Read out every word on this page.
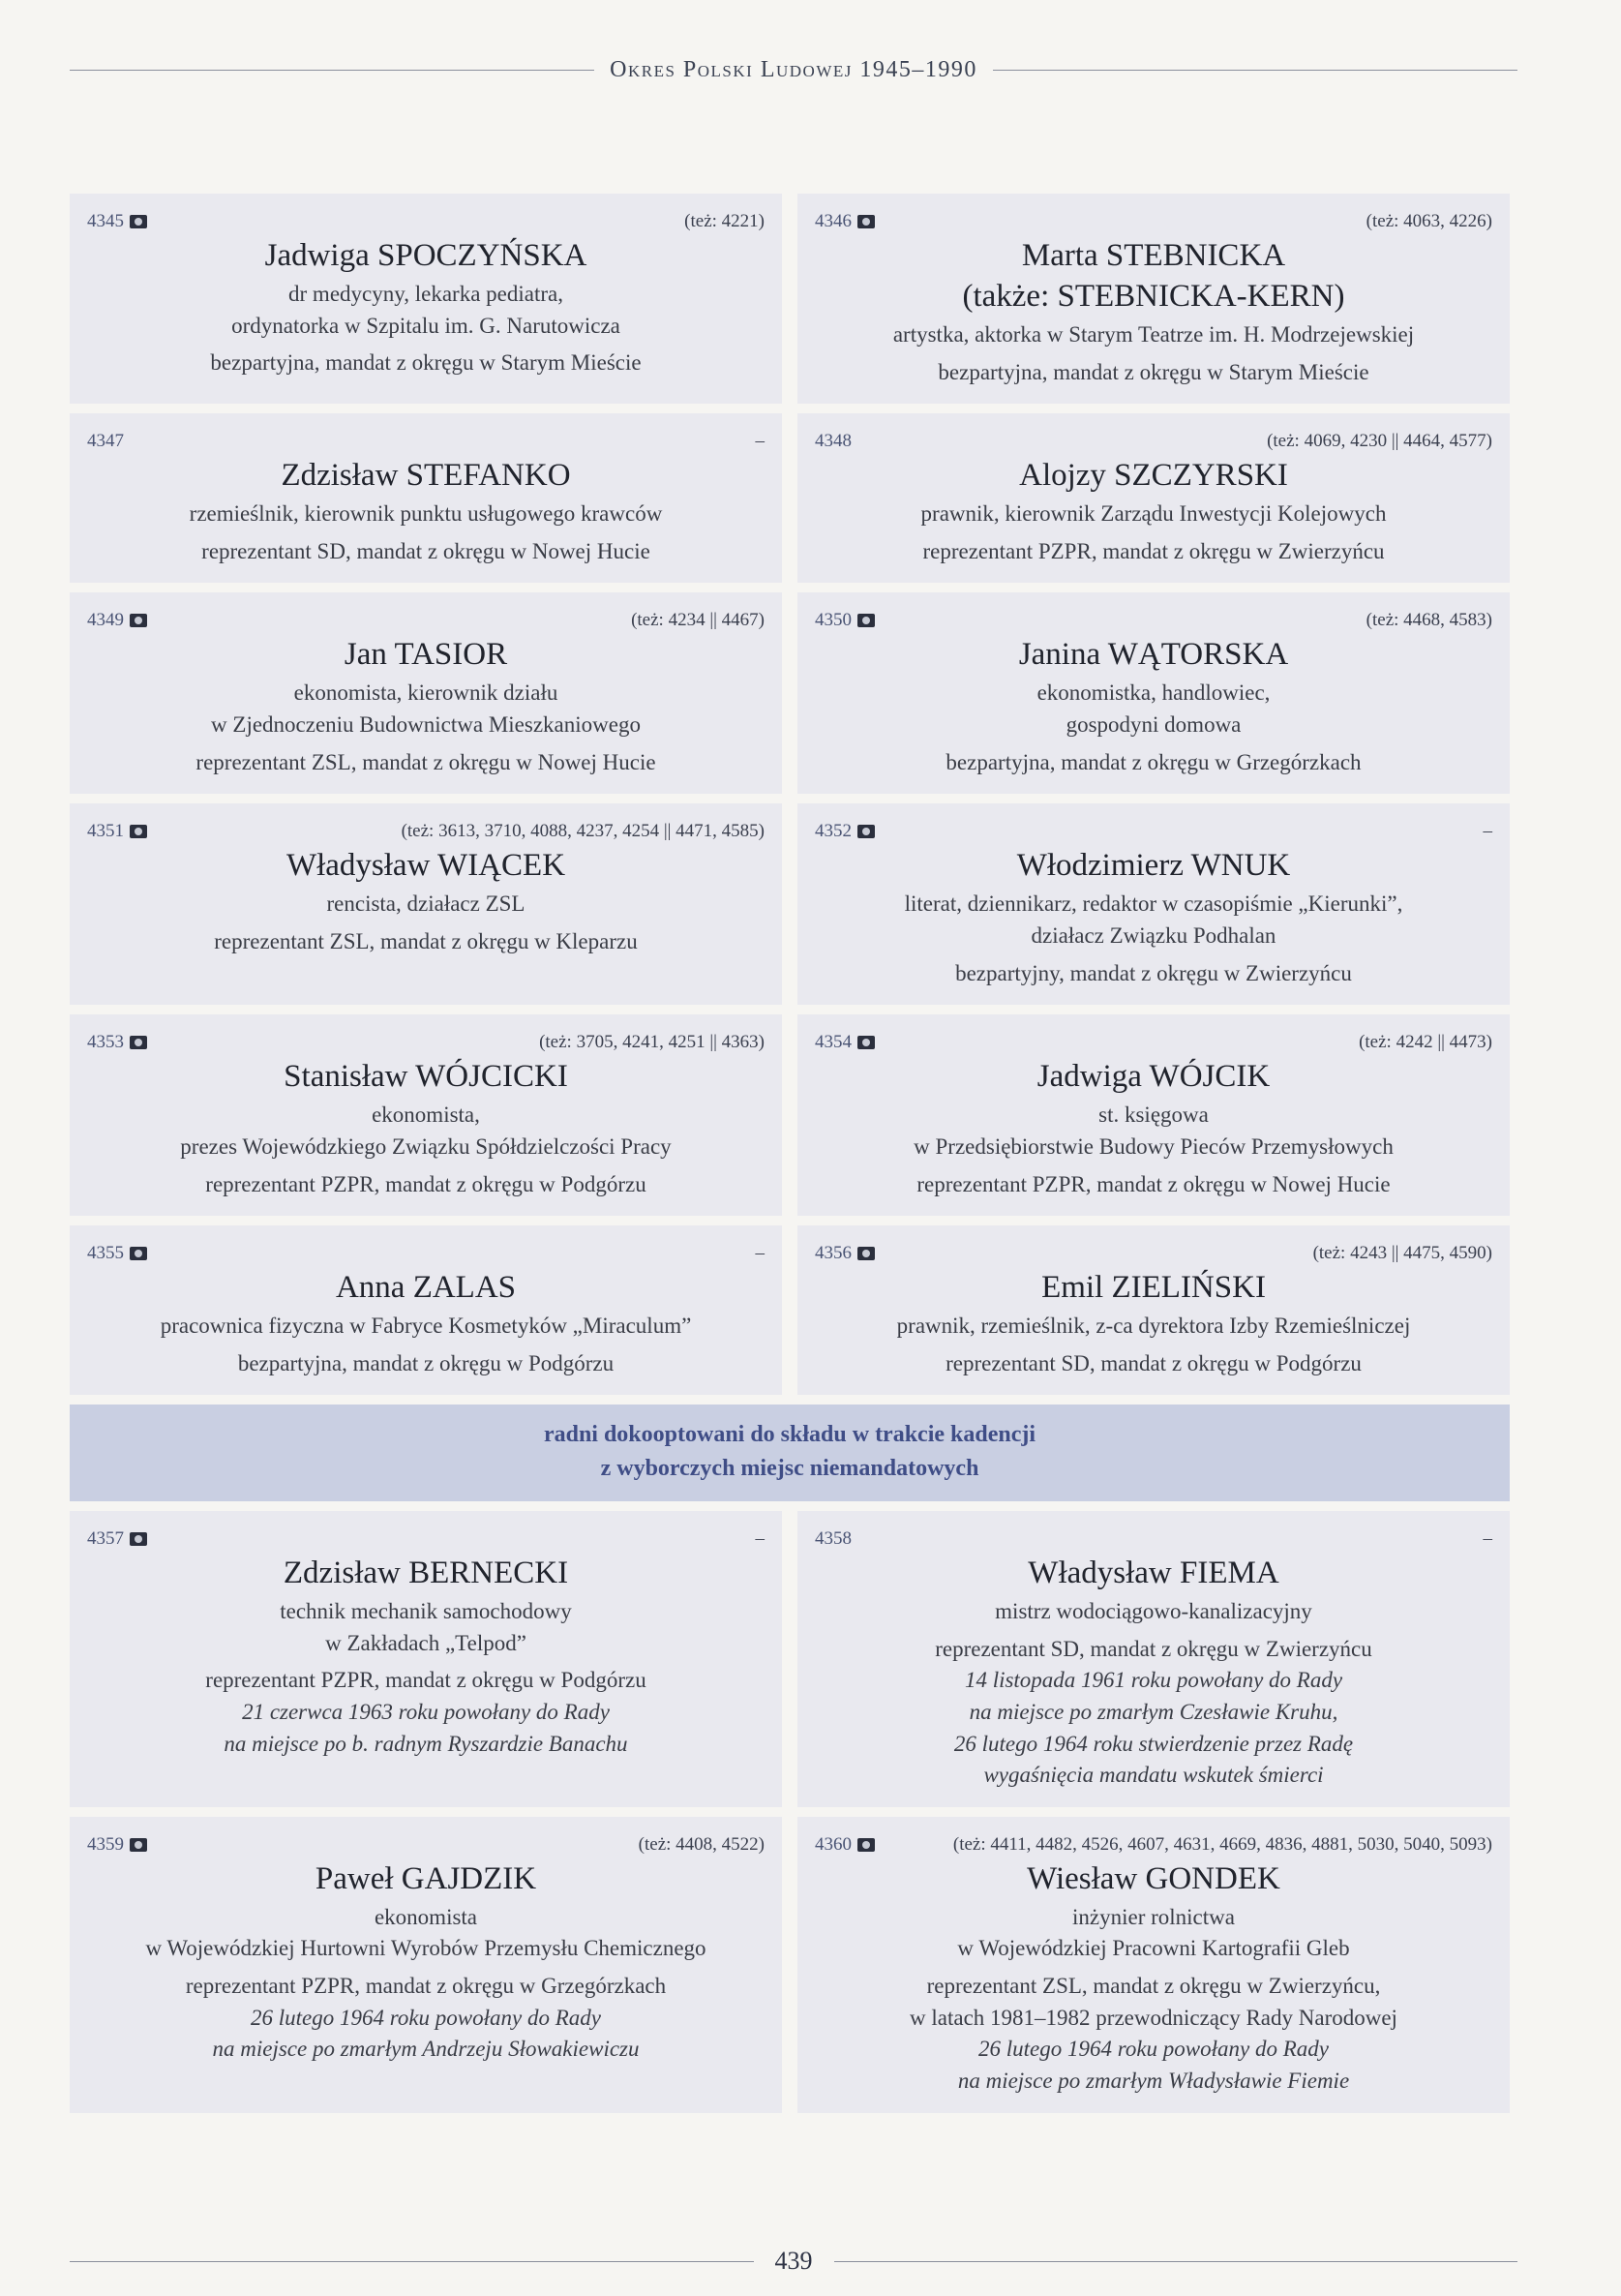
Okres Polski Ludowej 1945–1990
4345	(też: 4221)
Jadwiga SPOCZYŃSKA
dr medycyny, lekarka pediatra,
ordynatorka w Szpitalu im. G. Narutowicza
bezpartyjna, mandat z okręgu w Starym Mieście
4346	(też: 4063, 4226)
Marta STEBNICKA
(także: STEBNICKA-KERN)
artystka, aktorka w Starym Teatrze im. H. Modrzejewskiej
bezpartyjna, mandat z okręgu w Starym Mieście
4347	–
Zdzisław STEFANKO
rzemieślnik, kierownik punktu usługowego krawców
reprezentant SD, mandat z okręgu w Nowej Hucie
4348	(też: 4069, 4230 || 4464, 4577)
Alojzy SZCZYRSKI
prawnik, kierownik Zarządu Inwestycji Kolejowych
reprezentant PZPR, mandat z okręgu w Zwierzyńcu
4349	(też: 4234 || 4467)
Jan TASIOR
ekonomista, kierownik działu
w Zjednoczeniu Budownictwa Mieszkaniowego
reprezentant ZSL, mandat z okręgu w Nowej Hucie
4350	(też: 4468, 4583)
Janina WĄTORSKA
ekonomistka, handlowiec,
gospodyni domowa
bezpartyjna, mandat z okręgu w Grzegórzkach
4351	(też: 3613, 3710, 4088, 4237, 4254 || 4471, 4585)
Władysław WIĄCEK
rencista, działacz ZSL
reprezentant ZSL, mandat z okręgu w Kleparzu
4352	–
Włodzimierz WNUK
literat, dziennikarz, redaktor w czasopiśmie „Kierunki”,
działacz Związku Podhalan
bezpartyjny, mandat z okręgu w Zwierzyńcu
4353	(też: 3705, 4241, 4251 || 4363)
Stanisław WÓJCICKI
ekonomista,
prezes Wojewódzkiego Związku Spółdzielczości Pracy
reprezentant PZPR, mandat z okręgu w Podgórzu
4354	(też: 4242 || 4473)
Jadwiga WÓJCIK
st. księgowa
w Przedsiębiorstwie Budowy Pieców Przemysłowych
reprezentant PZPR, mandat z okręgu w Nowej Hucie
4355	–
Anna ZALAS
pracownica fizyczna w Fabryce Kosmetyków „Miraculum”
bezpartyjna, mandat z okręgu w Podgórzu
4356	(też: 4243 || 4475, 4590)
Emil ZIELIŃSKI
prawnik, rzemieślnik, z-ca dyrektora Izby Rzemieślniczej
reprezentant SD, mandat z okręgu w Podgórzu
radni dokooptowani do składu w trakcie kadencji
z wyborczych miejsc niemandatowych
4357	–
Zdzisław BERNECKI
technik mechanik samochodowy
w Zakładach „Telpod”
reprezentant PZPR, mandat z okręgu w Podgórzu
21 czerwca 1963 roku powołany do Rady
na miejsce po b. radnym Ryszardzie Banachu
4358	–
Władysław FIEMA
mistrz wodociągowo-kanalizacyjny
reprezentant SD, mandat z okręgu w Zwierzyńcu
14 listopada 1961 roku powołany do Rady
na miejsce po zmarłym Czesławie Kruhu,
26 lutego 1964 roku stwierdzenie przez Radę
wygaśnięcia mandatu wskutek śmierci
4359	(też: 4408, 4522)
Paweł GAJDZIK
ekonomista
w Wojewódzkiej Hurtowni Wyrobów Przemysłu Chemicznego
reprezentant PZPR, mandat z okręgu w Grzegórzkach
26 lutego 1964 roku powołany do Rady
na miejsce po zmarłym Andrzeju Słowakiewiczu
4360	(też: 4411, 4482, 4526, 4607, 4631, 4669, 4836, 4881, 5030, 5040, 5093)
Wiesław GONDEK
inżynier rolnictwa
w Wojewódzkiej Pracowni Kartografii Gleb
reprezentant ZSL, mandat z okręgu w Zwierzyńcu,
w latach 1981–1982 przewodniczący Rady Narodowej
26 lutego 1964 roku powołany do Rady
na miejsce po zmarłym Władysławie Fiemie
439
